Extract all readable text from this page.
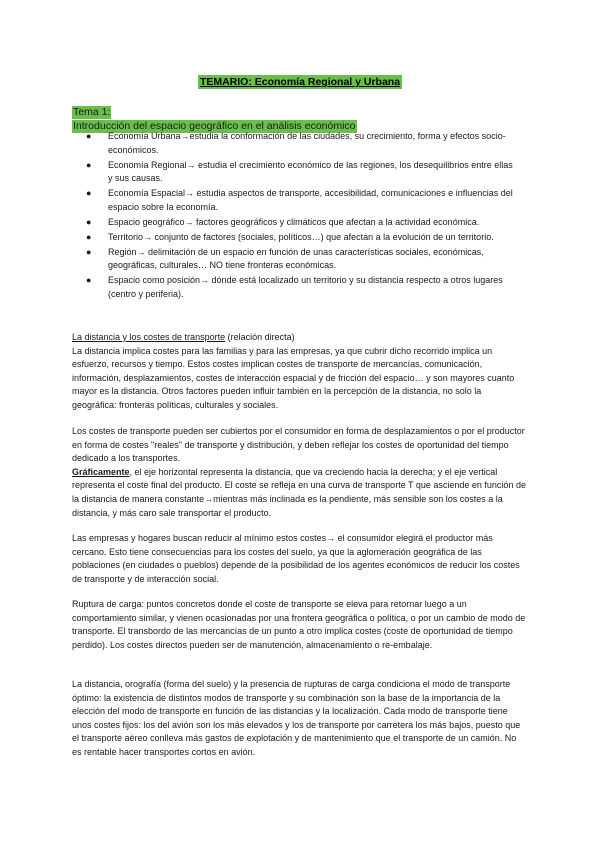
TEMARIO: Economía Regional y Urbana
Tema 1:
Introducción del espacio geográfico en el análisis económico
● Economía Urbana→estudia la conformación de las ciudades, su crecimiento, forma y efectos socio-económicos.
● Economía Regional→ estudia el crecimiento económico de las regiones, los desequilibrios entre ellas y sus causas.
● Economía Espacial→ estudia aspectos de transporte, accesibilidad, comunicaciones e influencias del espacio sobre la economía.
● Espacio geográfico→ factores geográficos y climáticos que afectan a la actividad económica.
● Territorio→ conjunto de factores (sociales, políticos…) que afectan a la evolución de un territorio.
● Región→ delimitación de un espacio en función de unas características sociales, económicas, geográficas, culturales… NO tiene fronteras económicas.
● Espacio como posición→ dónde está localizado un territorio y su distancia respecto a otros lugares (centro y periferia).
La distancia y los costes de transporte (relación directa)
La distancia implica costes para las familias y para las empresas, ya que cubrir dicho recorrido implica un esfuerzo, recursos y tiempo. Estos costes implican costes de transporte de mercancías, comunicación, información, desplazamientos, costes de interacción espacial y de fricción del espacio… y son mayores cuanto mayor es la distancia. Otros factores pueden influir también en la percepción de la distancia, no solo la geográfica: fronteras políticas, culturales y sociales.
Los costes de transporte pueden ser cubiertos por el consumidor en forma de desplazamientos o por el productor en forma de costes "reales" de transporte y distribución, y deben reflejar los costes de oportunidad del tiempo dedicado a los transportes.
Gráficamente, el eje horizontal representa la distancia, que va creciendo hacia la derecha; y el eje vertical representa el coste final del producto. El coste se refleja en una curva de transporte T que asciende en función de la distancia de manera constante→mientras más inclinada es la pendiente, más sensible son los costes a la distancia, y más caro sale transportar el producto.
Las empresas y hogares buscan reducir al mínimo estos costes→ el consumidor elegirá el productor más cercano. Esto tiene consecuencias para los costes del suelo, ya que la aglomeración geográfica de las poblaciones (en ciudades o pueblos) depende de la posibilidad de los agentes económicos de reducir los costes de transporte y de interacción social.
Ruptura de carga: puntos concretos donde el coste de transporte se eleva para retornar luego a un comportamiento similar, y vienen ocasionadas por una frontera geográfica o política, o por un cambio de modo de transporte. El transbordo de las mercancías de un punto a otro implica costes (coste de oportunidad de tiempo perdido). Los costes directos pueden ser de manutención, almacenamiento o re-embalaje.
La distancia, orografía (forma del suelo) y la presencia de rupturas de carga condiciona el modo de transporte óptimo: la existencia de distintos modos de transporte y su combinación son la base de la importancia de la elección del modo de transporte en función de las distancias y la localización. Cada modo de transporte tiene unos costes fijos: los del avión son los más elevados y los de transporte por carretera los más bajos, puesto que el transporte aéreo conlleva más gastos de explotación y de mantenimiento que el transporte de un camión. No es rentable hacer transportes cortos en avión.
